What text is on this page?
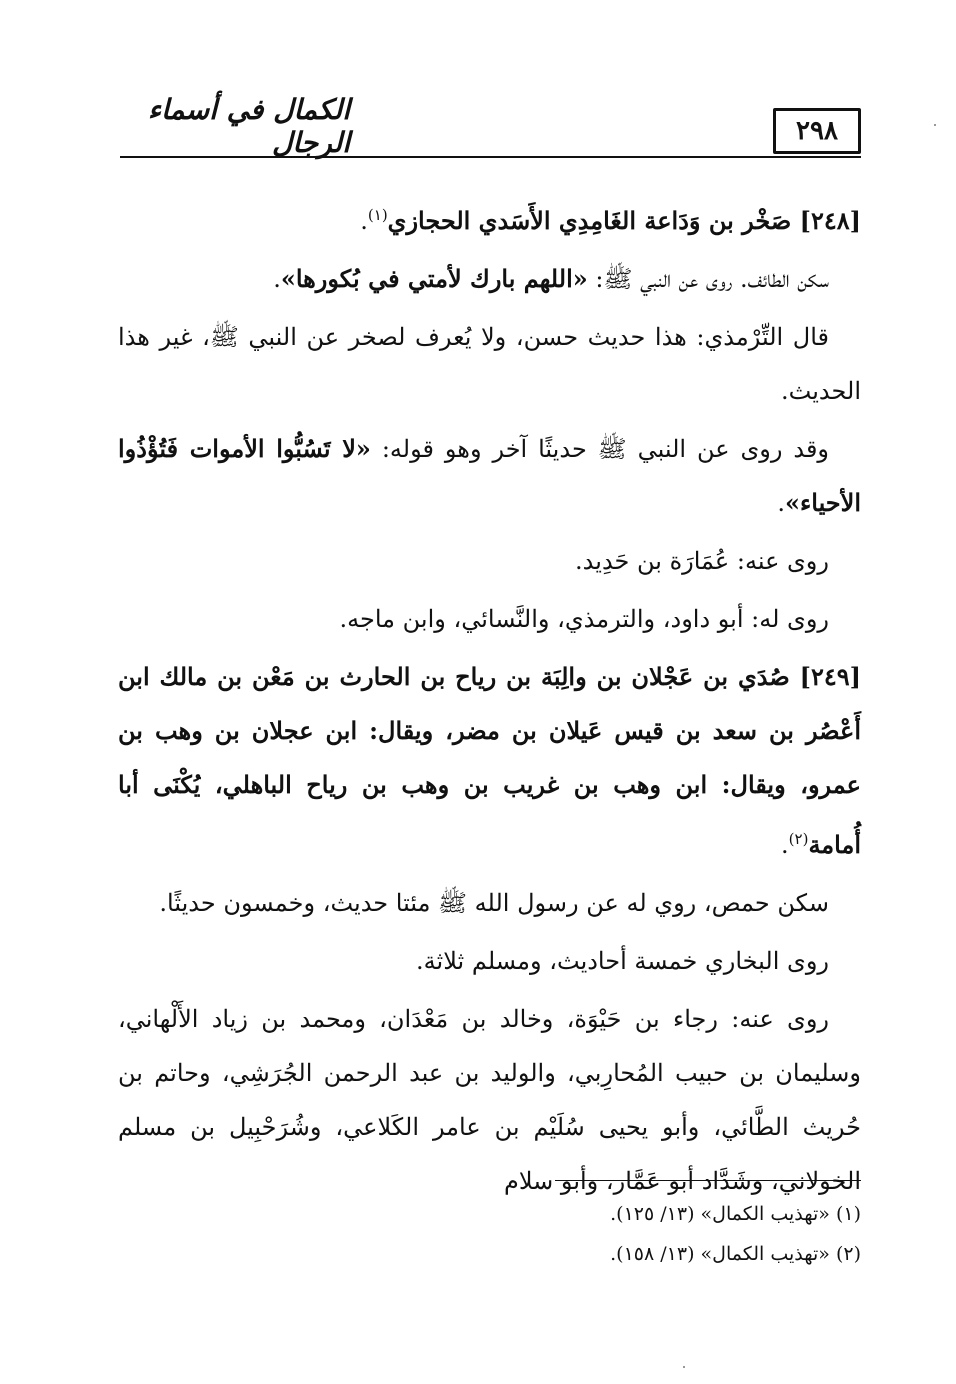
٢٩٨
الكمال في أسماء الرجال

[٢٤٨] صَخْر بن وَدَاعة الغَامِدِي الأَسَدي الحجازي$^{(١)}$.

سكن الطائف. روى عن النبي ﷺ: «اللهم بارك لأمتي في بُكورها».

قال التِّرْمذي: هذا حديث حسن، ولا يُعرف لصخر عن النبي ﷺ، غير هذا الحديث.

وقد روى عن النبي ﷺ حديثًا آخر وهو قوله: «لا تَسُبُّوا الأموات فَتُؤْذُوا الأحياء».

روى عنه: عُمَارَة بن حَدِيد.

روى له: أبو داود، والترمذي، والنَّسائي، وابن ماجه.

[٢٤٩] صُدَي بن عَجْلان بن والِبَة بن رياح بن الحارث بن مَعْن بن مالك ابن أَعْصُر بن سعد بن قيس عَيلان بن مضر، ويقال: ابن عجلان بن وهب بن عمرو، ويقال: ابن وهب بن غريب بن وهب بن رياح الباهلي، يُكْنَى أبا أُمامة$^{(٢)}$.

سكن حمص، روي له عن رسول الله ﷺ مئتا حديث، وخمسون حديثًا.

روى البخاري خمسة أحاديث، ومسلم ثلاثة.

روى عنه: رجاء بن حَيْوَة، وخالد بن مَعْدَان، ومحمد بن زياد الأَلْهاني، وسليمان بن حبيب المُحارِبي، والوليد بن عبد الرحمن الجُرَشِي، وحاتم بن حُريث الطَّائي، وأبو يحيى سُلَيْم بن عامر الكَلاعي، وشُرَحْبِيل بن مسلم الخولاني، وشَدَّاد أبو عَمَّار، وأبو سلام

(١) «تهذيب الكمال» (١٣/ ١٢٥).

(٢) «تهذيب الكمال» (١٣/ ١٥٨).
